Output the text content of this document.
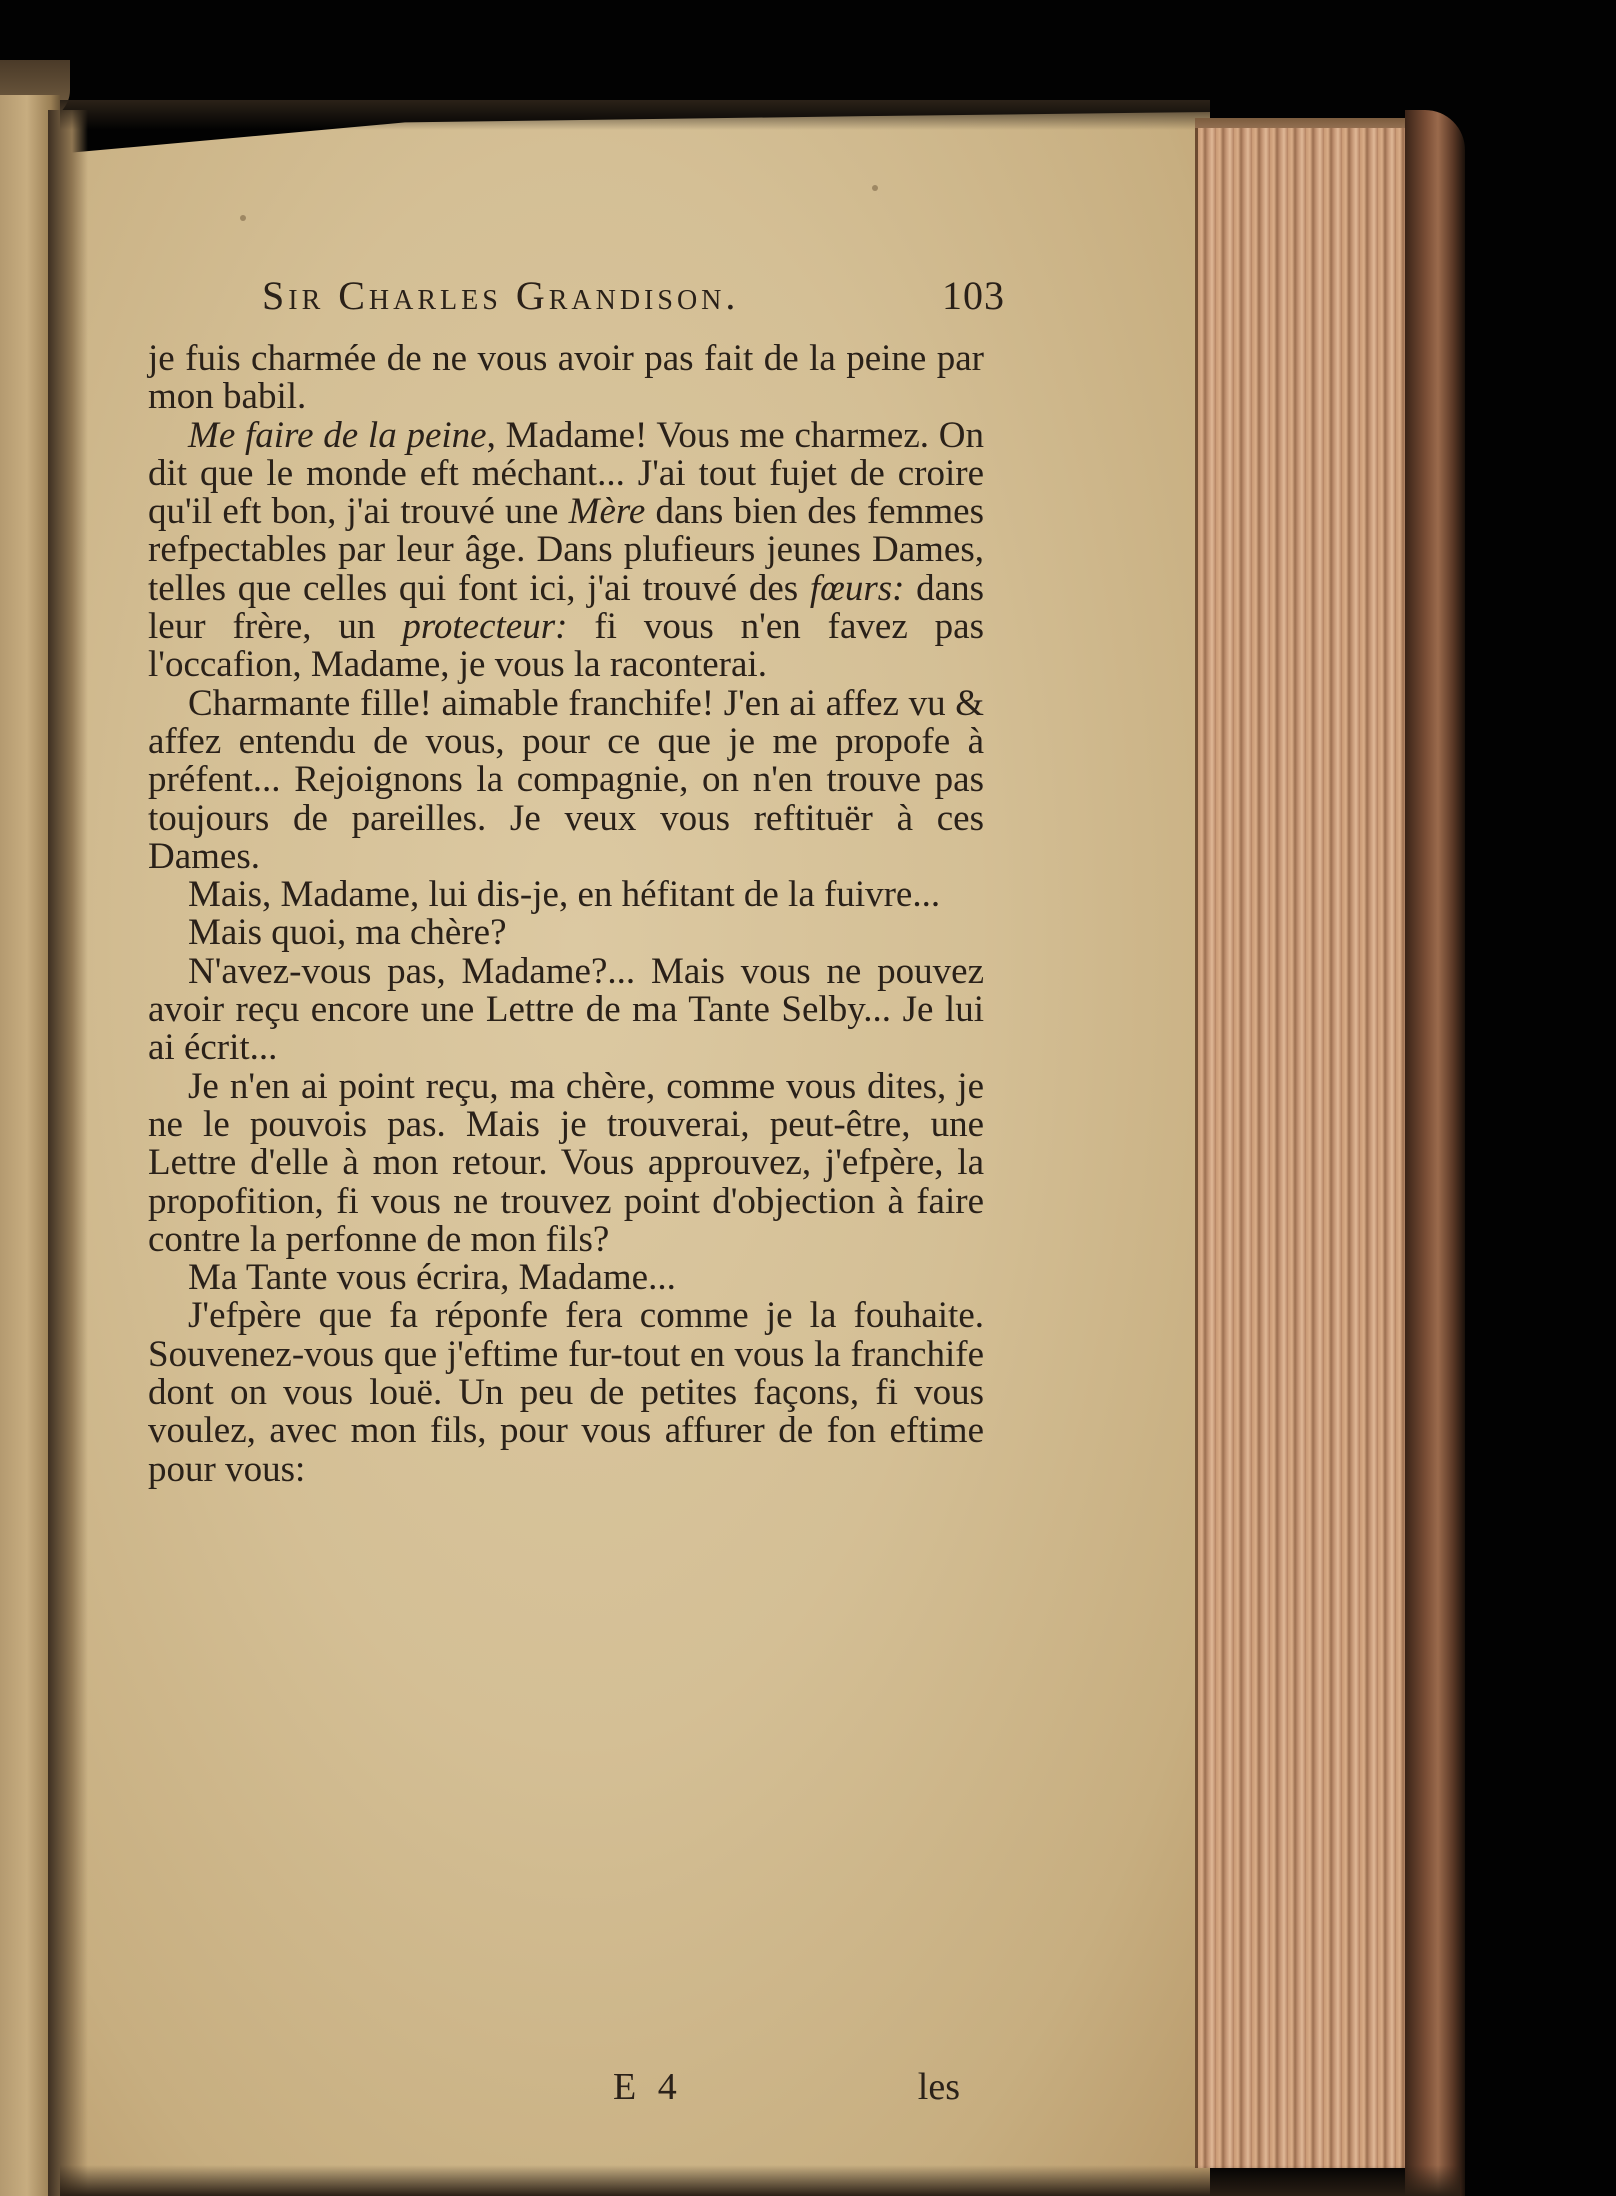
Sir Charles Grandison.	103

je fuis charmée de ne vous avoir pas fait de la peine par mon babil.

Me faire de la peine, Madame! Vous me charmez. On dit que le monde eft méchant... J'ai tout fujet de croire qu'il eft bon, j'ai trouvé une Mère dans bien des femmes refpectables par leur âge. Dans plufieurs jeunes Dames, telles que celles qui font ici, j'ai trouvé des fœurs: dans leur frère, un protecteur: fi vous n'en favez pas l'occafion, Madame, je vous la raconterai.

Charmante fille! aimable franchife! J'en ai affez vu & affez entendu de vous, pour ce que je me propofe à préfent... Rejoignons la compagnie, on n'en trouve pas toujours de pareilles. Je veux vous reftituër à ces Dames.

Mais, Madame, lui dis-je, en héfitant de la fuivre...

Mais quoi, ma chère?

N'avez-vous pas, Madame?... Mais vous ne pouvez avoir reçu encore une Lettre de ma Tante Selby... Je lui ai écrit...

Je n'en ai point reçu, ma chère, comme vous dites, je ne le pouvois pas. Mais je trouverai, peut-être, une Lettre d'elle à mon retour. Vous approuvez, j'efpère, la propofition, fi vous ne trouvez point d'objection à faire contre la perfonne de mon fils?

Ma Tante vous écrira, Madame...

J'efpère que fa réponfe fera comme je la fouhaite. Souvenez-vous que j'eftime fur-tout en vous la franchife dont on vous louë. Un peu de petites façons, fi vous voulez, avec mon fils, pour vous affurer de fon eftime pour vous:

E 4	les
